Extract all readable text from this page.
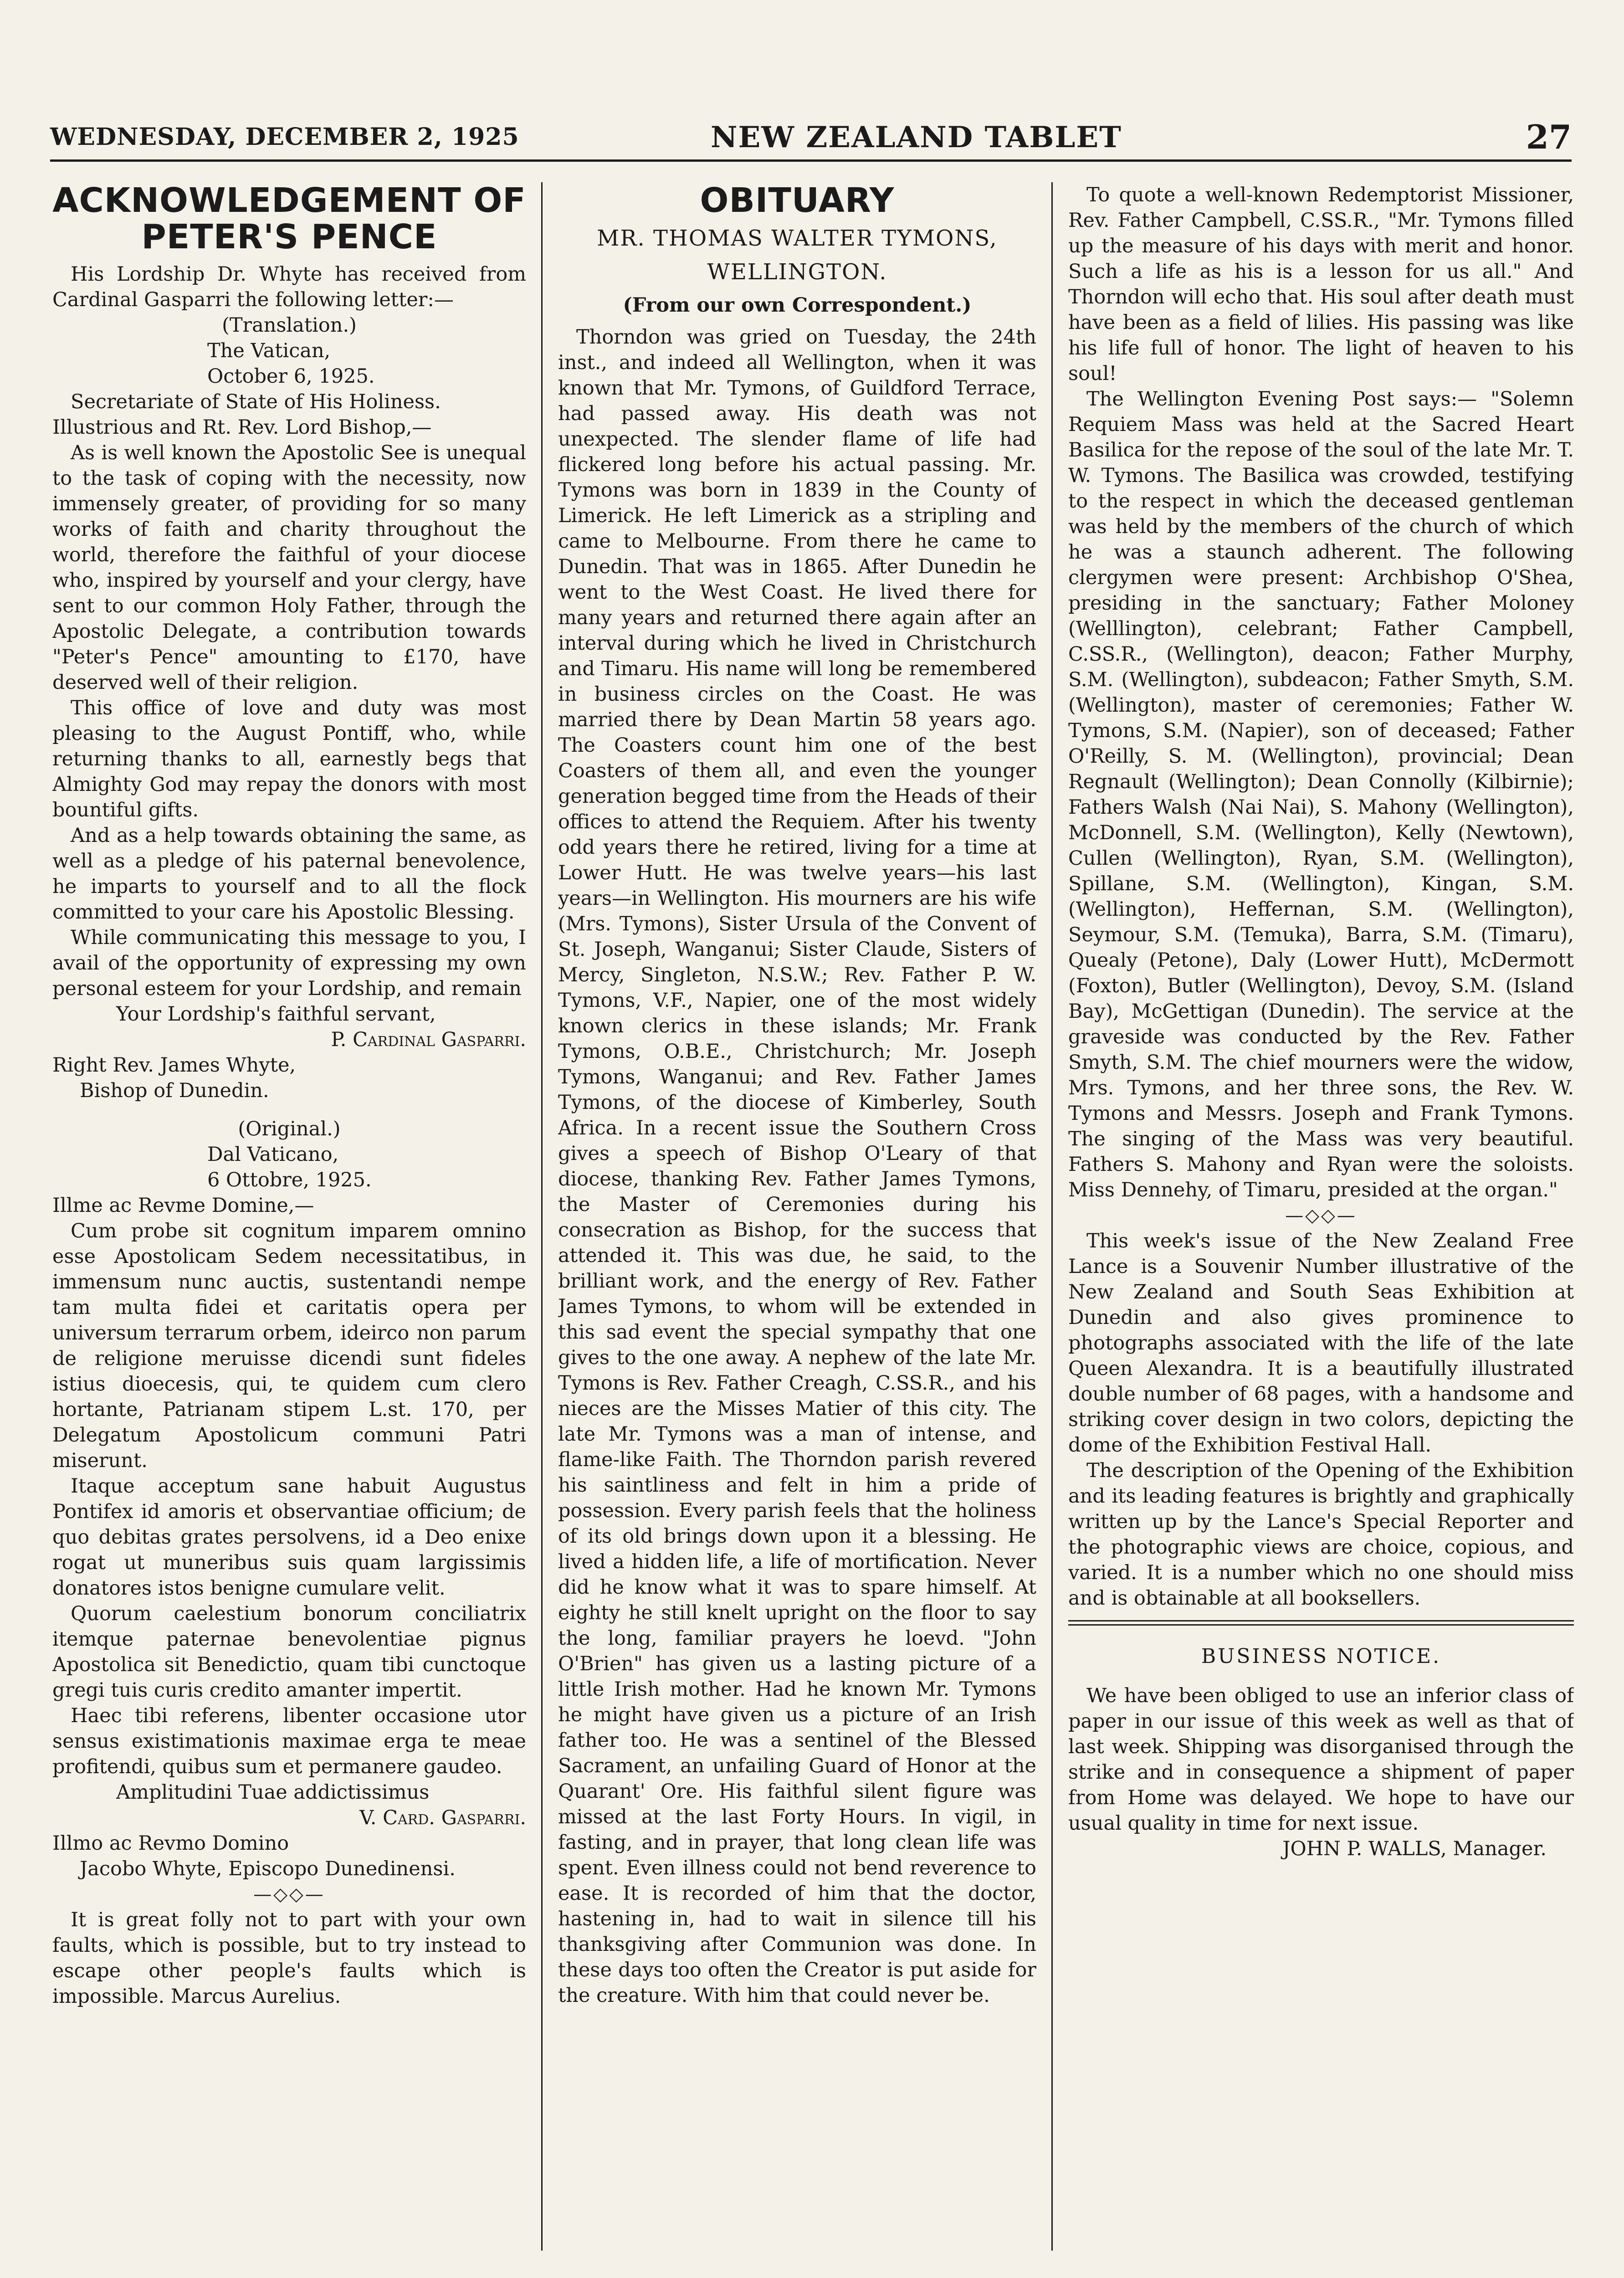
WEDNESDAY, DECEMBER 2, 1925	NEW ZEALAND TABLET	27
ACKNOWLEDGEMENT OF PETER'S PENCE

His Lordship Dr. Whyte has received from Cardinal Gasparri the following letter:—

(Translation.)

The Vatican,

October 6, 1925.

Secretariate of State of His Holiness.

Illustrious and Rt. Rev. Lord Bishop,—

As is well known the Apostolic See is unequal to the task of coping with the necessity, now immensely greater, of providing for so many works of faith and charity throughout the world, therefore the faithful of your diocese who, inspired by yourself and your clergy, have sent to our common Holy Father, through the Apostolic Delegate, a contribution towards "Peter's Pence" amounting to £170, have deserved well of their religion.

This office of love and duty was most pleasing to the August Pontiff, who, while returning thanks to all, earnestly begs that Almighty God may repay the donors with most bountiful gifts.

And as a help towards obtaining the same, as well as a pledge of his paternal benevolence, he imparts to yourself and to all the flock committed to your care his Apostolic Blessing.

While communicating this message to you, I avail of the opportunity of expressing my own personal esteem for your Lordship, and remain

Your Lordship's faithful servant,

P. Cardinal Gasparri.

Right Rev. James Whyte,

Bishop of Dunedin.

(Original.)

Dal Vaticano,

6 Ottobre, 1925.

Illme ac Revme Domine,—

Cum probe sit cognitum imparem omnino esse Apostolicam Sedem necessitatibus, in immensum nunc auctis, sustentandi nempe tam multa fidei et caritatis opera per universum terrarum orbem, ideirco non parum de religione meruisse dicendi sunt fideles istius dioecesis, qui, te quidem cum clero hortante, Patrianam stipem L.st. 170, per Delegatum Apostolicum communi Patri miserunt.

Itaque acceptum sane habuit Augustus Pontifex id amoris et observantiae officium; de quo debitas grates persolvens, id a Deo enixe rogat ut muneribus suis quam largissimis donatores istos benigne cumulare velit.

Quorum caelestium bonorum conciliatrix itemque paternae benevolentiae pignus Apostolica sit Benedictio, quam tibi cunctoque gregi tuis curis credito amanter impertit.

Haec tibi referens, libenter occasione utor sensus existimationis maximae erga te meae profitendi, quibus sum et permanere gaudeo.

Amplitudini Tuae addictissimus

V. Card. Gasparri.

Illmo ac Revmo Domino

Jacobo Whyte, Episcopo Dunedinensi.

—◇◇—

It is great folly not to part with your own faults, which is possible, but to try instead to escape other people's faults which is impossible. Marcus Aurelius.

OBITUARY
MR. THOMAS WALTER TYMONS,
WELLINGTON.
(From our own Correspondent.)

Thorndon was gried on Tuesday, the 24th inst., and indeed all Wellington, when it was known that Mr. Tymons, of Guildford Terrace, had passed away. His death was not unexpected. The slender flame of life had flickered long before his actual passing. Mr. Tymons was born in 1839 in the County of Limerick. He left Limerick as a stripling and came to Melbourne. From there he came to Dunedin. That was in 1865. After Dunedin he went to the West Coast. He lived there for many years and returned there again after an interval during which he lived in Christchurch and Timaru. His name will long be remembered in business circles on the Coast. He was married there by Dean Martin 58 years ago. The Coasters count him one of the best Coasters of them all, and even the younger generation begged time from the Heads of their offices to attend the Requiem. After his twenty odd years there he retired, living for a time at Lower Hutt. He was twelve years—his last years—in Wellington. His mourners are his wife (Mrs. Tymons), Sister Ursula of the Convent of St. Joseph, Wanganui; Sister Claude, Sisters of Mercy, Singleton, N.S.W.; Rev. Father P. W. Tymons, V.F., Napier, one of the most widely known clerics in these islands; Mr. Frank Tymons, O.B.E., Christchurch; Mr. Joseph Tymons, Wanganui; and Rev. Father James Tymons, of the diocese of Kimberley, South Africa. In a recent issue the Southern Cross gives a speech of Bishop O'Leary of that diocese, thanking Rev. Father James Tymons, the Master of Ceremonies during his consecration as Bishop, for the success that attended it. This was due, he said, to the brilliant work, and the energy of Rev. Father James Tymons, to whom will be extended in this sad event the special sympathy that one gives to the one away. A nephew of the late Mr. Tymons is Rev. Father Creagh, C.SS.R., and his nieces are the Misses Matier of this city. The late Mr. Tymons was a man of intense, and flame-like Faith. The Thorndon parish revered his saintliness and felt in him a pride of possession. Every parish feels that the holiness of its old brings down upon it a blessing. He lived a hidden life, a life of mortification. Never did he know what it was to spare himself. At eighty he still knelt upright on the floor to say the long, familiar prayers he loevd. "John O'Brien" has given us a lasting picture of a little Irish mother. Had he known Mr. Tymons he might have given us a picture of an Irish father too. He was a sentinel of the Blessed Sacrament, an unfailing Guard of Honor at the Quarant' Ore. His faithful silent figure was missed at the last Forty Hours. In vigil, in fasting, and in prayer, that long clean life was spent. Even illness could not bend reverence to ease. It is recorded of him that the doctor, hastening in, had to wait in silence till his thanksgiving after Communion was done. In these days too often the Creator is put aside for the creature. With him that could never be.

To quote a well-known Redemptorist Missioner, Rev. Father Campbell, C.SS.R., "Mr. Tymons filled up the measure of his days with merit and honor. Such a life as his is a lesson for us all." And Thorndon will echo that. His soul after death must have been as a field of lilies. His passing was like his life full of honor. The light of heaven to his soul!

The Wellington Evening Post says:— "Solemn Requiem Mass was held at the Sacred Heart Basilica for the repose of the soul of the late Mr. T. W. Tymons. The Basilica was crowded, testifying to the respect in which the deceased gentleman was held by the members of the church of which he was a staunch adherent. The following clergymen were present: Archbishop O'Shea, presiding in the sanctuary; Father Moloney (Welllington), celebrant; Father Campbell, C.SS.R., (Wellington), deacon; Father Murphy, S.M. (Wellington), subdeacon; Father Smyth, S.M. (Wellington), master of ceremonies; Father W. Tymons, S.M. (Napier), son of deceased; Father O'Reilly, S. M. (Wellington), provincial; Dean Regnault (Wellington); Dean Connolly (Kilbirnie); Fathers Walsh (Nai Nai), S. Mahony (Wellington), McDonnell, S.M. (Wellington), Kelly (Newtown), Cullen (Wellington), Ryan, S.M. (Wellington), Spillane, S.M. (Wellington), Kingan, S.M. (Wellington), Heffernan, S.M. (Wellington), Seymour, S.M. (Temuka), Barra, S.M. (Timaru), Quealy (Petone), Daly (Lower Hutt), McDermott (Foxton), Butler (Wellington), Devoy, S.M. (Island Bay), McGettigan (Dunedin). The service at the graveside was conducted by the Rev. Father Smyth, S.M. The chief mourners were the widow, Mrs. Tymons, and her three sons, the Rev. W. Tymons and Messrs. Joseph and Frank Tymons. The singing of the Mass was very beautiful. Fathers S. Mahony and Ryan were the soloists. Miss Dennehy, of Timaru, presided at the organ."

—◇◇—

This week's issue of the New Zealand Free Lance is a Souvenir Number illustrative of the New Zealand and South Seas Exhibition at Dunedin and also gives prominence to photographs associated with the life of the late Queen Alexandra. It is a beautifully illustrated double number of 68 pages, with a handsome and striking cover design in two colors, depicting the dome of the Exhibition Festival Hall.

The description of the Opening of the Exhibition and its leading features is brightly and graphically written up by the Lance's Special Reporter and the photographic views are choice, copious, and varied. It is a number which no one should miss and is obtainable at all booksellers.

BUSINESS NOTICE.

We have been obliged to use an inferior class of paper in our issue of this week as well as that of last week. Shipping was disorganised through the strike and in consequence a shipment of paper from Home was delayed. We hope to have our usual quality in time for next issue.

JOHN P. WALLS, Manager.
